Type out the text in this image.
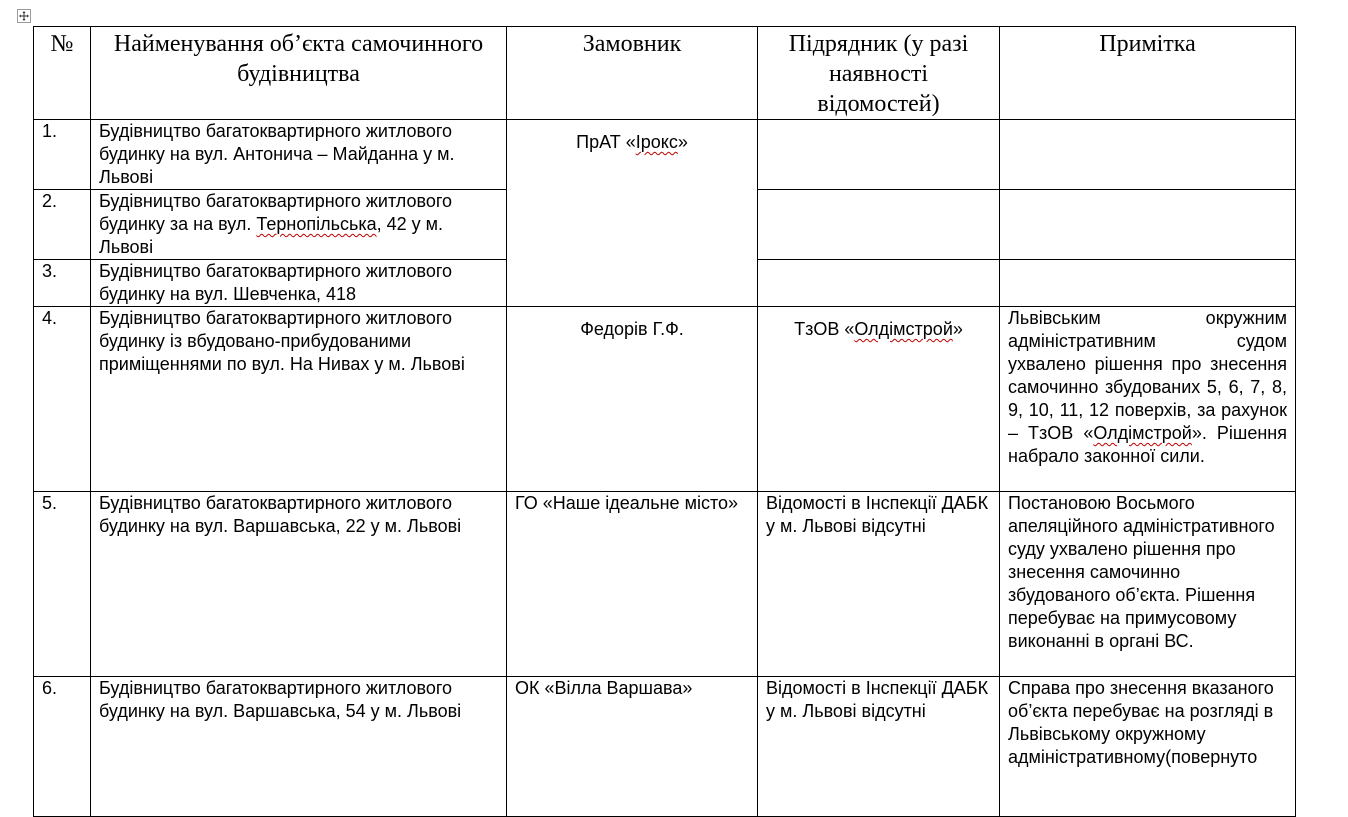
№	Найменування об’єкта самочинного будівництва	Замовник	Підрядник (у разі наявності відомостей)	Примітка
1.	Будівництво багатоквартирного житлового будинку на вул. Антонича – Майданна у м. Львові	ПрАТ «Ірокс»		

2.	Будівництво багатоквартирного житлового будинку за на вул. Тернопільська, 42 у м. Львові			
3.	Будівництво багатоквартирного житлового будинку на вул. Шевченка, 418			
4.	Будівництво багатоквартирного житлового будинку із вбудовано-прибудованими приміщеннями по вул. На Нивах у м. Львові	Федорів Г.Ф.	ТзОВ «Олдімстрой»	Львівським окружним адміністративним судом ухвалено рішення про знесення самочинно збудованих 5, 6, 7, 8, 9, 10, 11, 12 поверхів, за рахунок – ТзОВ «Олдімстрой». Рішення набрало законної сили.
5.	Будівництво багатоквартирного житлового будинку на вул. Варшавська, 22 у м. Львові	ГО «Наше ідеальне місто»	Відомості в Інспекції ДАБК у м. Львові відсутні	Постановою Восьмого апеляційного адміністративного суду ухвалено рішення про знесення самочинно збудованого об’єкта. Рішення перебуває на примусовому виконанні в органі ВС.
6.	Будівництво багатоквартирного житлового будинку на вул. Варшавська, 54 у м. Львові	ОК «Вілла Варшава»	Відомості в Інспекції ДАБК у м. Львові відсутні	Справа про знесення вказаного об’єкта перебуває на розгляді в Львівському окружному адміністративному(повернуто
